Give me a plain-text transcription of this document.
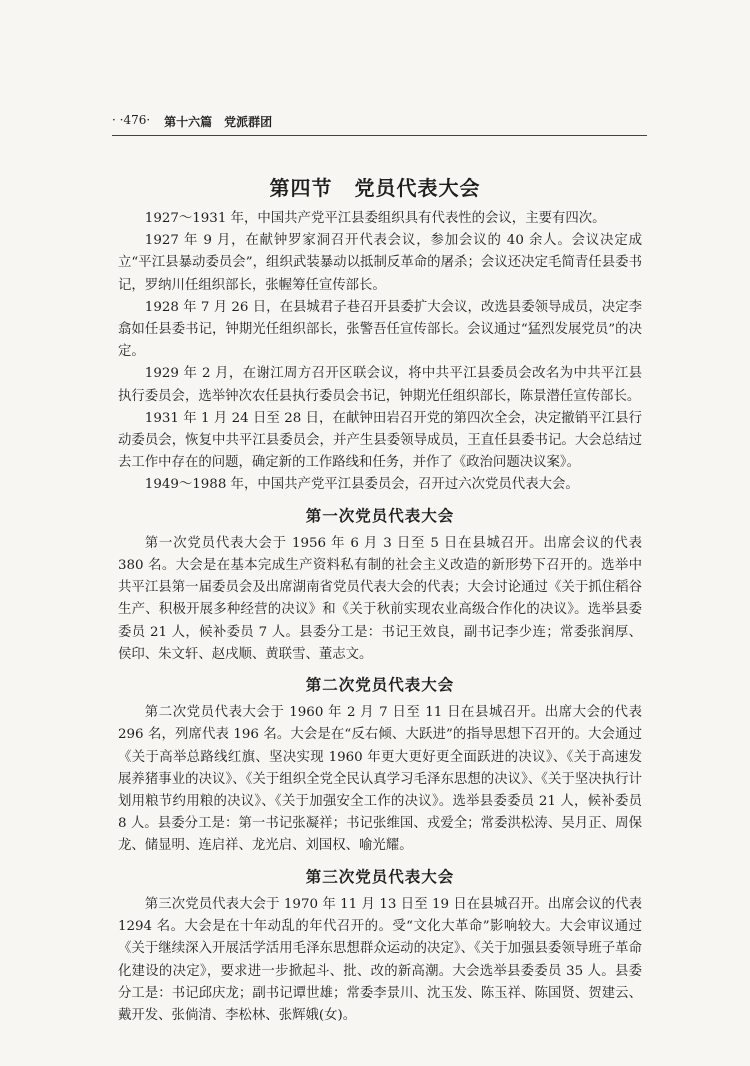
· ·476· 第十六篇　党派群团
第四节 党员代表大会

1927～1931 年，中国共产党平江县委组织具有代表性的会议，主要有四次。

1927 年 9 月，在献钟罗家洞召开代表会议，参加会议的 40 余人。会议决定成立“平江县暴动委员会”，组织武装暴动以抵制反革命的屠杀；会议还决定毛简青任县委书记，罗纳川任组织部长，张幄筹任宣传部长。

1928 年 7 月 26 日，在县城君子巷召开县委扩大会议，改选县委领导成员，决定李翕如任县委书记，钟期光任组织部长，张警吾任宣传部长。会议通过“猛烈发展党员”的决定。

1929 年 2 月，在谢江周方召开区联会议，将中共平江县委员会改名为中共平江县执行委员会，选举钟次农任县执行委员会书记，钟期光任组织部长，陈景潜任宣传部长。

1931 年 1 月 24 日至 28 日，在献钟田岩召开党的第四次全会，决定撤销平江县行动委员会，恢复中共平江县委员会，并产生县委领导成员，王直任县委书记。大会总结过去工作中存在的问题，确定新的工作路线和任务，并作了《政治问题决议案》。

1949～1988 年，中国共产党平江县委员会，召开过六次党员代表大会。

第一次党员代表大会

第一次党员代表大会于 1956 年 6 月 3 日至 5 日在县城召开。出席会议的代表 380 名。大会是在基本完成生产资料私有制的社会主义改造的新形势下召开的。选举中共平江县第一届委员会及出席湖南省党员代表大会的代表；大会讨论通过《关于抓住稻谷生产、积极开展多种经营的决议》和《关于秋前实现农业高级合作化的决议》。选举县委委员 21 人，候补委员 7 人。县委分工是：书记王效良，副书记李少连；常委张润厚、侯印、朱文轩、赵戌顺、黄联雪、董志文。

第二次党员代表大会

第二次党员代表大会于 1960 年 2 月 7 日至 11 日在县城召开。出席大会的代表 296 名，列席代表 196 名。大会是在“反右倾、大跃进”的指导思想下召开的。大会通过《关于高举总路线红旗、坚决实现 1960 年更大更好更全面跃进的决议》、《关于高速发展养猪事业的决议》、《关于组织全党全民认真学习毛泽东思想的决议》、《关于坚决执行计划用粮节约用粮的决议》、《关于加强安全工作的决议》。选举县委委员 21 人，候补委员 8 人。县委分工是：第一书记张凝祥；书记张维国、戎爱全；常委洪松涛、吴月正、周保龙、储显明、连启祥、龙光启、刘国权、喻光耀。

第三次党员代表大会

第三次党员代表大会于 1970 年 11 月 13 日至 19 日在县城召开。出席会议的代表 1294 名。大会是在十年动乱的年代召开的。受“文化大革命”影响较大。大会审议通过《关于继续深入开展活学活用毛泽东思想群众运动的决定》、《关于加强县委领导班子革命化建设的决定》，要求进一步掀起斗、批、改的新高潮。大会选举县委委员 35 人。县委分工是：书记邱庆龙；副书记谭世雄；常委李景川、沈玉发、陈玉祥、陈国贤、贺建云、戴开发、张倘清、李松林、张辉娥(女)。
